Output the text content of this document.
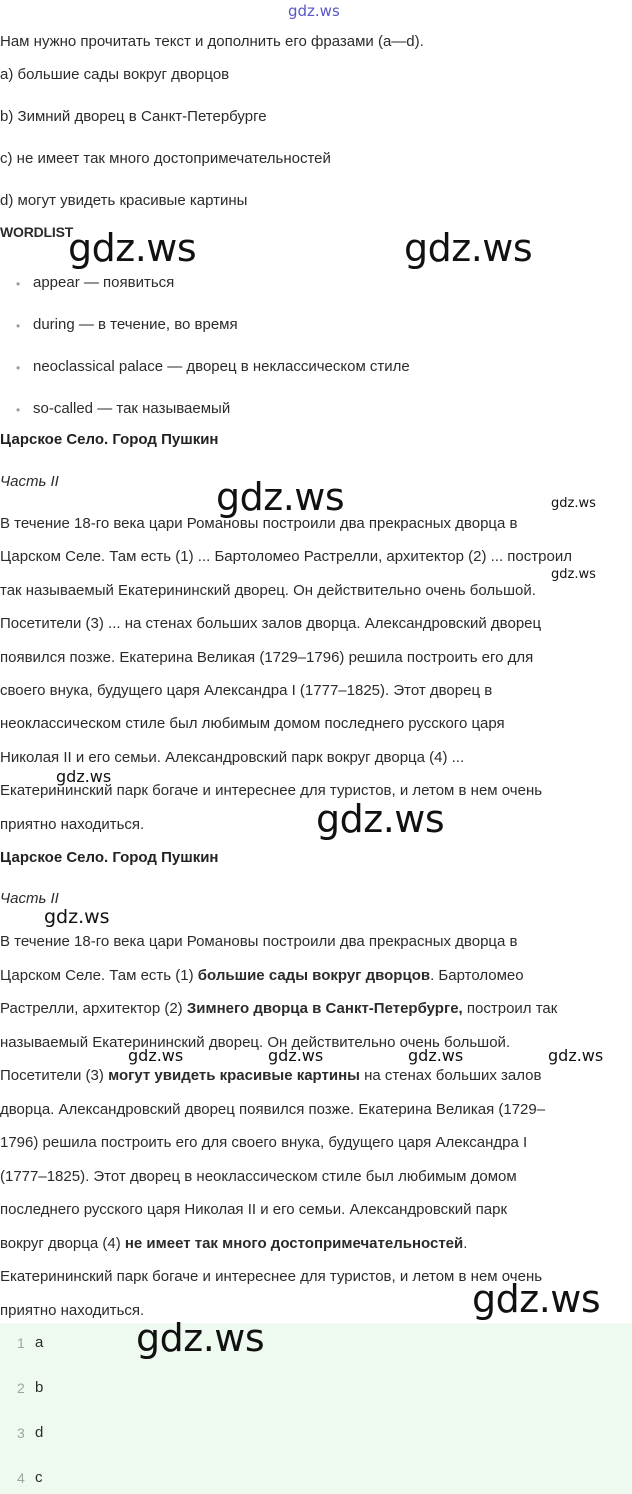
gdz.ws
Нам нужно прочитать текст и дополнить его фразами (a—d).
a) большие сады вокруг дворцов
b) Зимний дворец в Санкт-Петербурге
c) не имеет так много достопримечательностей
d) могут увидеть красивые картины
WORDLIST
• appear — появиться
• during — в течение, во время
• neoclassical palace — дворец в неклассическом стиле
• so-called — так называемый
Царское Село. Город Пушкин
Часть II
В течение 18-го века цари Романовы построили два прекрасных дворца в
Царском Селе. Там есть (1) ... Бартоломео Растрелли, архитектор (2) ... построил
так называемый Екатерининский дворец. Он действительно очень большой.
Посетители (3) ... на стенах больших залов дворца. Александровский дворец
появился позже. Екатерина Великая (1729–1796) решила построить его для
своего внука, будущего царя Александра I (1777–1825). Этот дворец в
неоклассическом стиле был любимым домом последнего русского царя
Николая II и его семьи. Александровский парк вокруг дворца (4) ...
Екатерининский парк богаче и интереснее для туристов, и летом в нем очень
приятно находиться.
Царское Село. Город Пушкин
Часть II
В течение 18-го века цари Романовы построили два прекрасных дворца в
Царском Селе. Там есть (1) большие сады вокруг дворцов. Бартоломео
Растрелли, архитектор (2) Зимнего дворца в Санкт-Петербурге, построил так
называемый Екатерининский дворец. Он действительно очень большой.
Посетители (3) могут увидеть красивые картины на стенах больших залов
дворца. Александровский дворец появился позже. Екатерина Великая (1729–
1796) решила построить его для своего внука, будущего царя Александра I
(1777–1825). Этот дворец в неоклассическом стиле был любимым домом
последнего русского царя Николая II и его семьи. Александровский парк
вокруг дворца (4) не имеет так много достопримечательностей.
Екатерининский парк богаче и интереснее для туристов, и летом в нем очень
приятно находиться.
1 a
2 b
3 d
4 c
gdz.ws	gdz.ws
gdz.ws	gdz.ws
gdz.ws
gdz.ws
gdz.ws
gdz.ws
gdz.ws	gdz.ws	gdz.ws	gdz.ws
gdz.ws
gdz.ws
